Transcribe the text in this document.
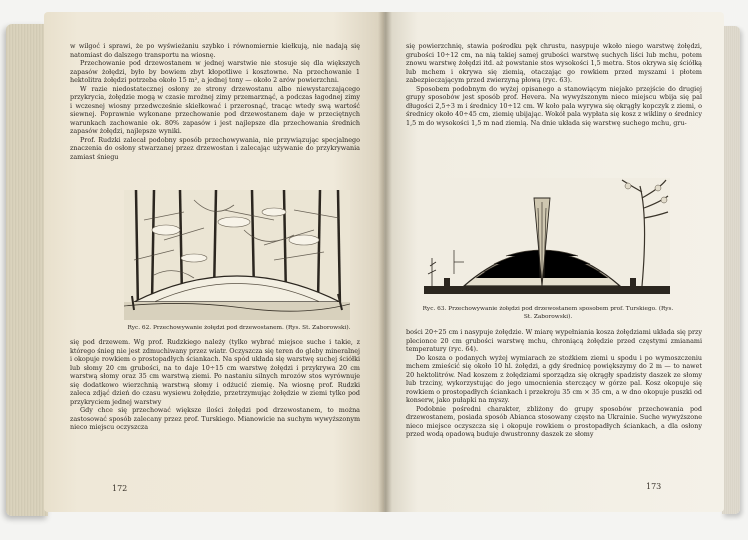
w wilgoć i sprawi, że po wyświeżaniu szybko i równomiernie kiełkują, nie nadają się natomiast do dalszego transportu na wiosnę.

Przechowanie pod drzewostanem w jednej warstwie nie stosuje się dla większych zapasów żołędzi, było by bowiem zbyt kłopotliwe i kosztowne. Na przechowanie 1 hektolitra żołędzi potrzeba około 15 m², a jednej tony — około 2 arów powierzchni.

W razie niedostatecznej osłony ze strony drzewostanu albo niewystarczającego przykrycia, żołędzie mogą w czasie mroźnej zimy przemarznąć, a podczas łagodnej zimy i wczesnej wiosny przedwcześnie skiełkować i przerosnąć, tracąc wtedy swą wartość siewnej. Poprawnie wykonane przechowanie pod drzewostanem daje w przeciętnych warunkach zachowanie ok. 80% zapasów i jest najlepsze dla przechowania średnich zapasów żołędzi, najlepsze wyniki.

Prof. Rudzki zalecał podobny sposób przechowywania, nie przywiązując specjalnego znaczenia do osłony stwarzanej przez drzewostan i zalecając używanie do przykrywania zamiast śniegu

Ryc. 62. Przechowywanie żołędzi pod drzewostanem. (Rys. St. Zaborowski).

się pod drzewem. Wg prof. Rudzkiego należy (tylko wybrać miejsce suche i takie, z którego śnieg nie jest zdmuchiwany przez wiatr. Oczyszcza się teren do gleby mineralnej i okopuje rowkiem o prostopadłych ściankach. Na spód układa się warstwę suchej ściółki lub słomy 20 cm grubości, na to daje 10÷15 cm warstwę żołędzi i przykrywa 20 cm warstwą słomy oraz 35 cm warstwą ziemi. Po nastaniu silnych mrozów stos wyrównuje się dodatkowo wierzchnią warstwą słomy i odżucić ziemię. Na wiosnę prof. Rudzki zaleca zdjąć dzień do czasu wysiewu żołędzie, przetrzymując żołędzie w ziemi tylko pod przykryciem jednej warstwy

Gdy chce się przechować większe ilości żołędzi pod drzewostanem, to można zastosować sposób zalecany przez prof. Turskiego. Mianowicie na suchym wywyższonym nieco miejscu oczyszcza

172

się powierzchnię, stawia pośrodku pęk chrustu, nasypuje wkoło niego warstwę żołędzi, grubości 10÷12 cm, na nią takiej samej grubości warstwę suchych liści lub mchu, potem znowu warstwę żołędzi itd. aż powstanie stos wysokości 1,5 metra. Stos okrywa się ściółką lub mchem i okrywa się ziemią, otaczając go rowkiem przed myszami i płotem zabezpieczającym przed zwierzyną płową (ryc. 63).

Sposobem podobnym do wyżej opisanego a stanowiącym niejako przejście do drugiej grupy sposobów jest sposób prof. Hevera. Na wywyższonym nieco miejscu wbija się pal długości 2,5÷3 m i średnicy 10÷12 cm. W koło pala wyrywa się okrągły kopczyk z ziemi, o średnicy około 40÷45 cm, ziemię ubijając. Wokół pala wypłata się kosz z wikliny o średnicy 1,5 m do wysokości 1,5 m nad ziemią. Na dnie układa się warstwę suchego mchu, gru-

Ryc. 63. Przechowywanie żołędzi pod drzewostanem sposobem prof. Turskiego. (Rys. St. Zaborowski).

bości 20÷25 cm i nasypuje żołędzie. W miarę wypełniania kosza żołędziami układa się przy plecionce 20 cm grubości warstwę mchu, chroniącą żołędzie przed częstymi zmianami temperatury (ryc. 64).

Do kosza o podanych wyżej wymiarach ze stożkiem ziemi u spodu i po wymoszczeniu mchem zmieścić się około 10 hl. żołędzi, a gdy średnicę powiększymy do 2 m — to nawet 20 hektolitrów. Nad koszem z żołędziami sporządza się okrągły spadzisty daszek ze słomy lub trzciny, wykorzystując do jego umocnienia sterczący w górze pal. Kosz okopuje się rowkiem o prostopadłych ściankach i przekroju 35 cm × 35 cm, a w dno okopuje puszki od konserw, jako pułapki na myszy.

Podobnie pośredni charakter, zbliżony do grupy sposobów przechowania pod drzewostanem, posiada sposób Abianca stosowany często na Ukrainie. Suche wywyższone nieco miejsce oczyszcza się i okopuje rowkiem o prostopadłych ściankach, a dla osłony przed wodą opadową buduje dwustronny daszek ze słomy

173
